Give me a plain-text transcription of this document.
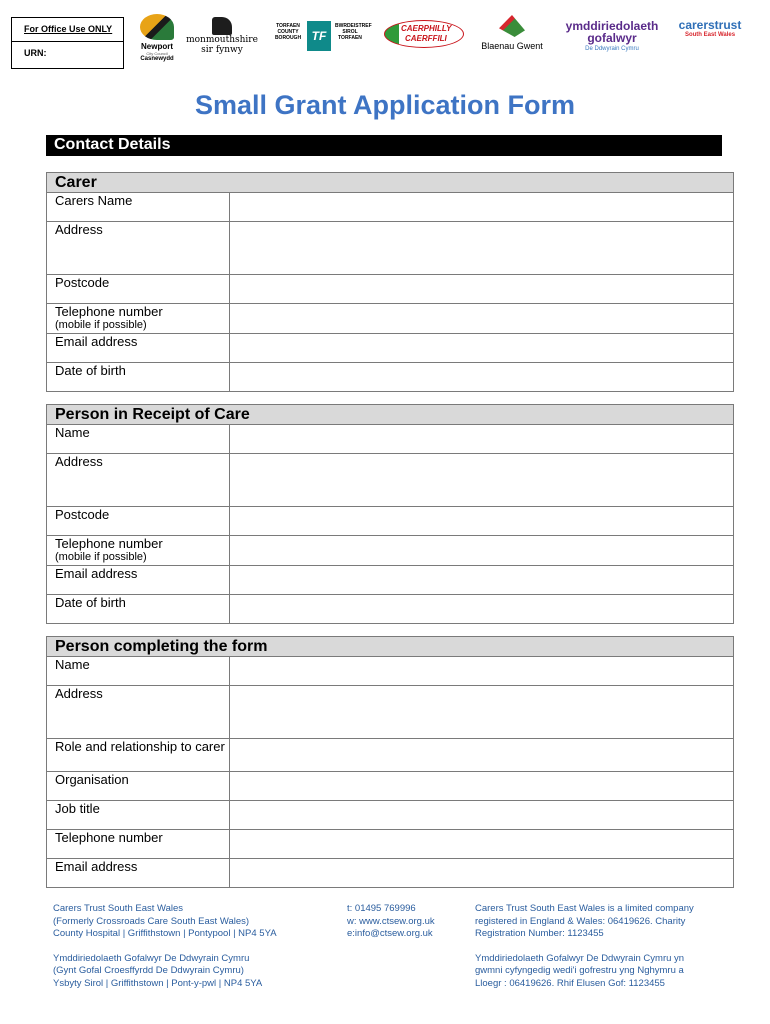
For Office Use ONLY
URN:
Newport
City Council
Casnewydd
monmouthshire
sir fynwy
TORFAEN COUNTY BOROUGH TF
BWRDEISTREF SIROL TORFAEN
CAERPHILLY
CAERFFILI
Blaenau Gwent
ymddiriedolaeth
gofalwyr
De Ddwyrain Cymru
carerstrust
South East Wales
Small Grant Application Form
Contact Details
Carer
Carers Name
Address
Postcode
Telephone number
(mobile if possible)
Email address
Date of birth
Person in Receipt of Care
Name
Address
Postcode
Telephone number
(mobile if possible)
Email address
Date of birth
Person completing the form
Name
Address
Role and relationship to carer
Organisation
Job title
Telephone number
Email address
Carers Trust South East Wales
(Formerly Crossroads Care South East Wales)
County Hospital | Griffithstown | Pontypool | NP4 5YA
Ymddiriedolaeth Gofalwyr De Ddwyrain Cymru
(Gynt Gofal Croesffyrdd De Ddwyrain Cymru)
Ysbyty Sirol | Griffithstown | Pont-y-pwl | NP4 5YA
t: 01495 769996
w: www.ctsew.org.uk
e:info@ctsew.org.uk
Carers Trust South East Wales is a limited company
registered in England & Wales: 06419626. Charity
Registration Number: 1123455
Ymddiriedolaeth Gofalwyr De Ddwyrain Cymru yn
gwmni cyfyngedig wedi'i gofrestru yng Nghymru a
Lloegr : 06419626. Rhif Elusen Gof: 1123455
